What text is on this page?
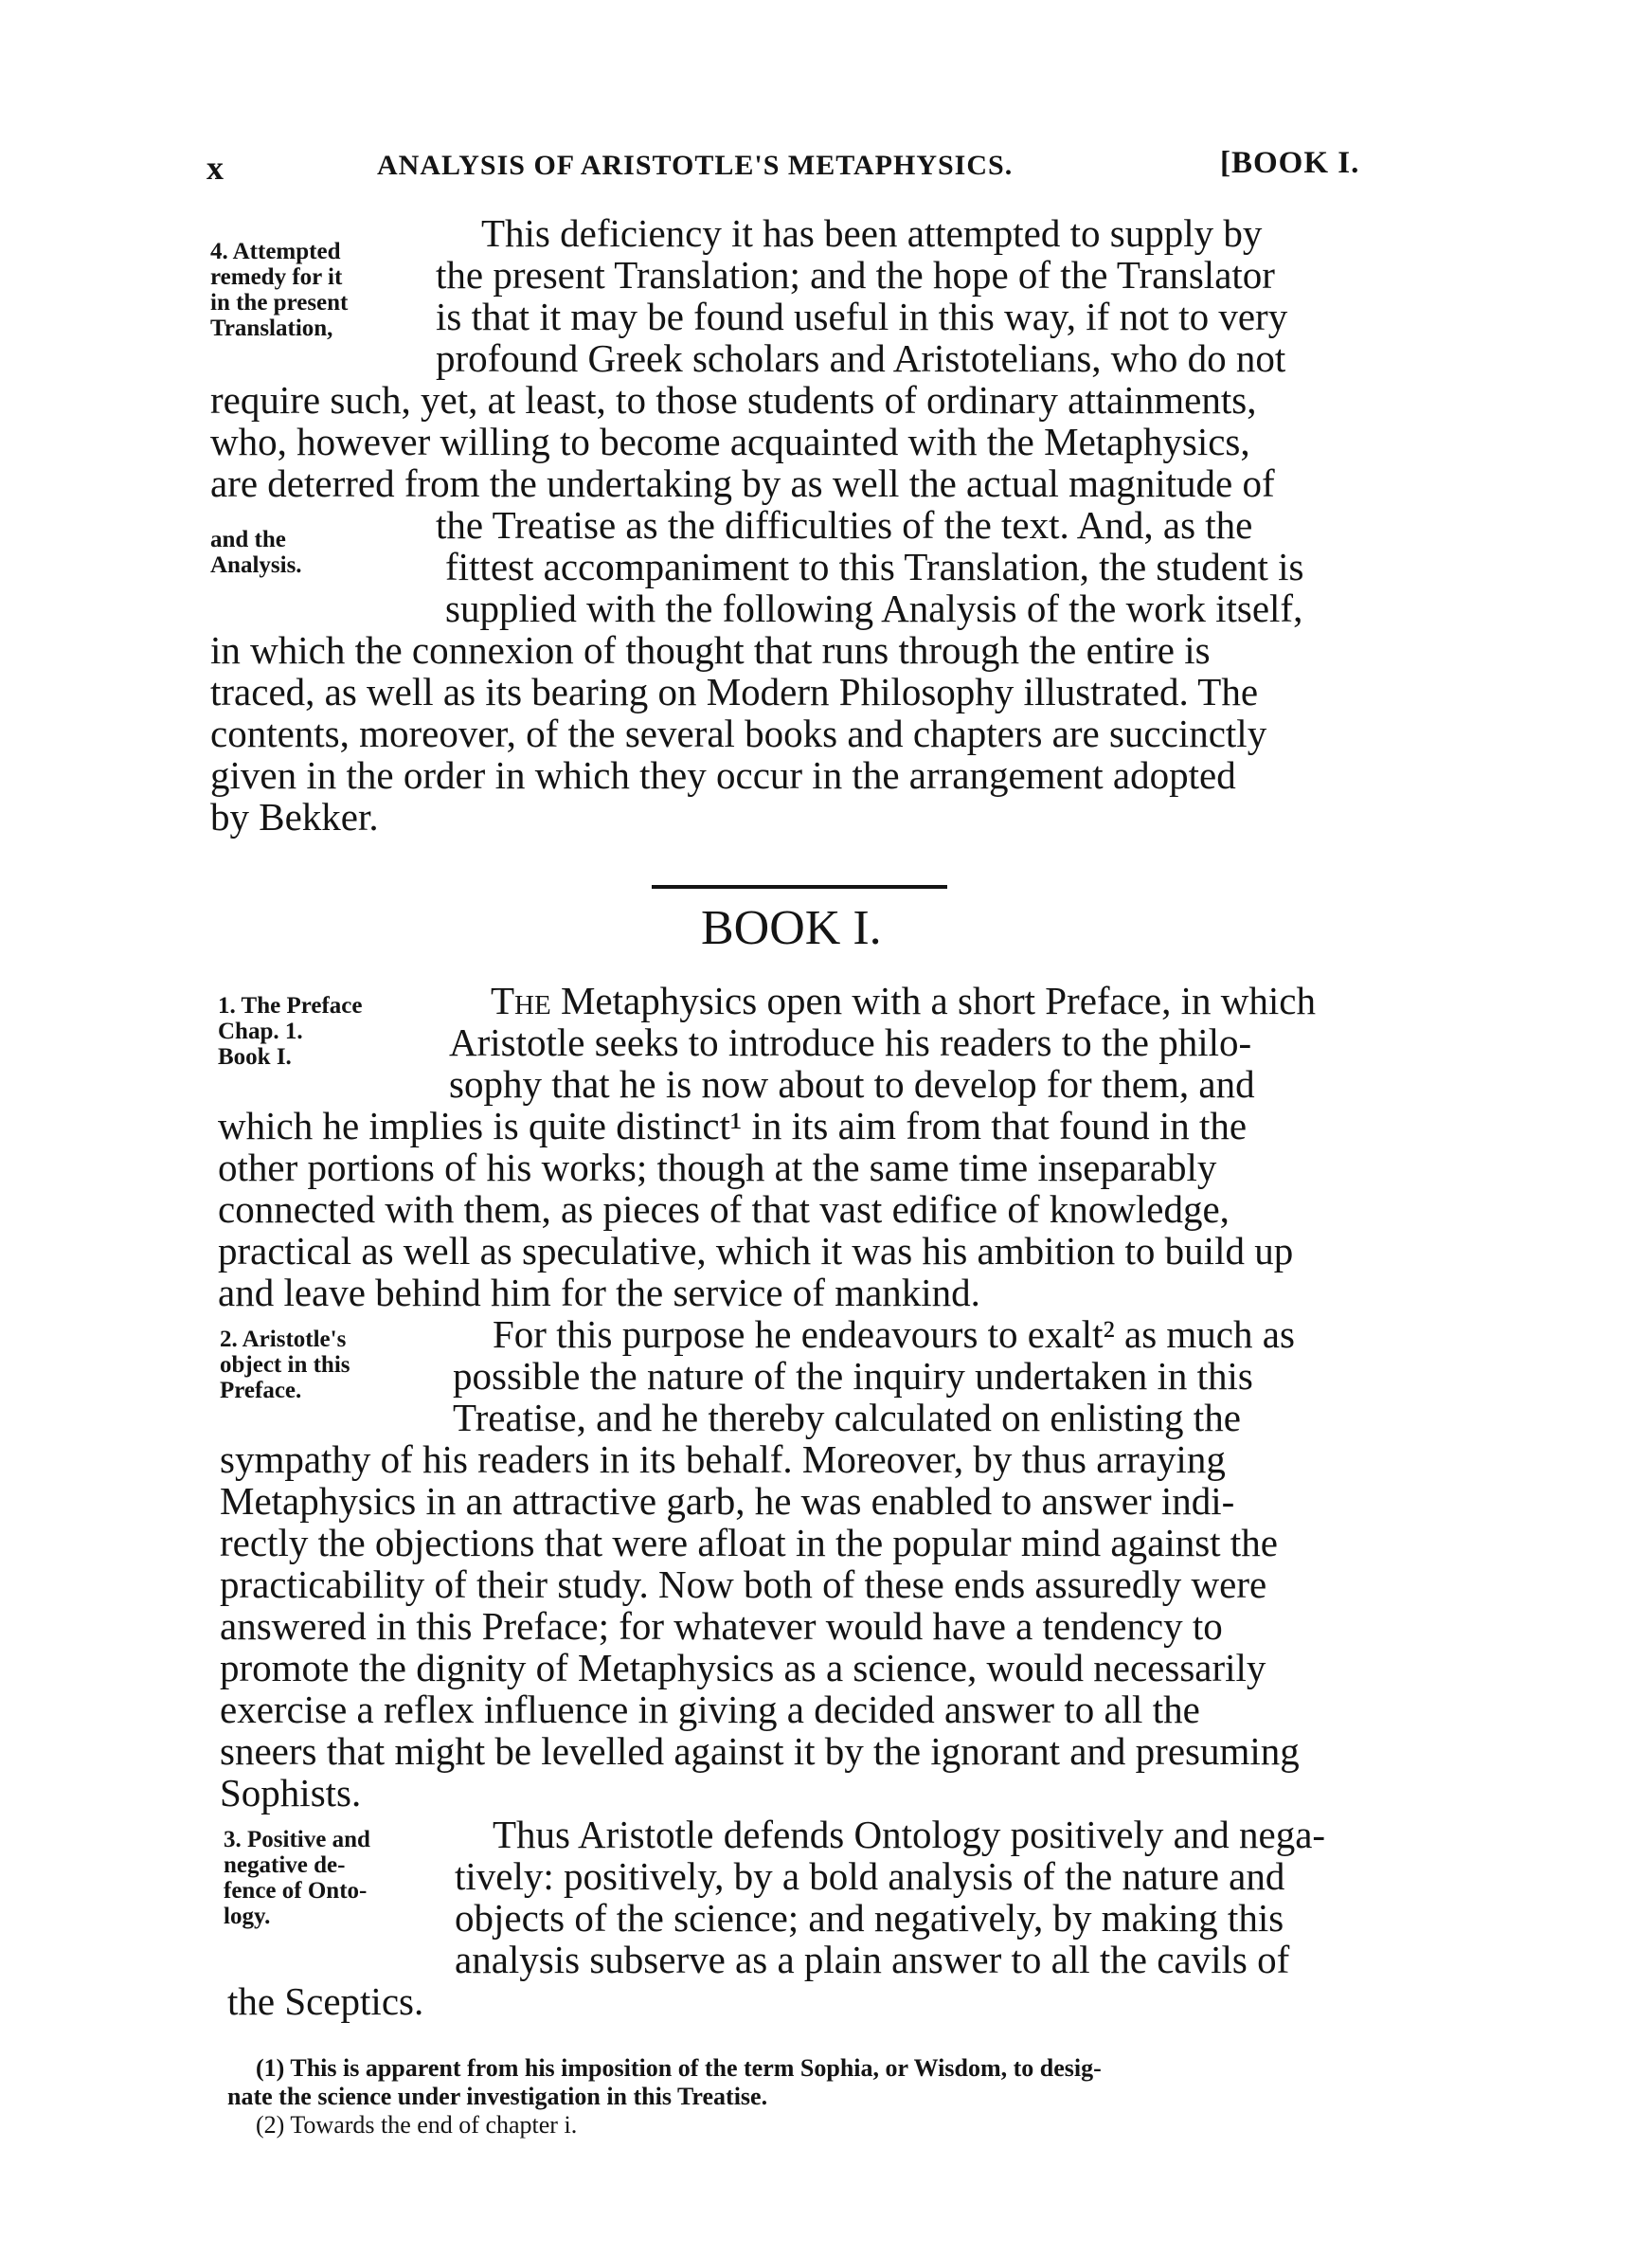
x	ANALYSIS OF ARISTOTLE'S METAPHYSICS.	[BOOK I.
4. Attempted
remedy for it
in the present
Translation,
and the
Analysis.
This deficiency it has been attempted to supply by
the present Translation; and the hope of the Translator
is that it may be found useful in this way, if not to very
profound Greek scholars and Aristotelians, who do not
require such, yet, at least, to those students of ordinary attainments,
who, however willing to become acquainted with the Metaphysics,
are deterred from the undertaking by as well the actual magnitude of
the Treatise as the difficulties of the text. And, as the
fittest accompaniment to this Translation, the student is
supplied with the following Analysis of the work itself,
in which the connexion of thought that runs through the entire is
traced, as well as its bearing on Modern Philosophy illustrated. The
contents, moreover, of the several books and chapters are succinctly
given in the order in which they occur in the arrangement adopted
by Bekker.
BOOK I.
1. The Preface
Chap. 1.
Book I.
The Metaphysics open with a short Preface, in which
Aristotle seeks to introduce his readers to the philo-
sophy that he is now about to develop for them, and
which he implies is quite distinct¹ in its aim from that found in the
other portions of his works; though at the same time inseparably
connected with them, as pieces of that vast edifice of knowledge,
practical as well as speculative, which it was his ambition to build up
and leave behind him for the service of mankind.
2. Aristotle's
object in this
Preface.
For this purpose he endeavours to exalt² as much as
possible the nature of the inquiry undertaken in this
Treatise, and he thereby calculated on enlisting the
sympathy of his readers in its behalf. Moreover, by thus arraying
Metaphysics in an attractive garb, he was enabled to answer indi-
rectly the objections that were afloat in the popular mind against the
practicability of their study. Now both of these ends assuredly were
answered in this Preface; for whatever would have a tendency to
promote the dignity of Metaphysics as a science, would necessarily
exercise a reflex influence in giving a decided answer to all the
sneers that might be levelled against it by the ignorant and presuming
Sophists.
3. Positive and
negative de-
fence of Onto-
logy.
Thus Aristotle defends Ontology positively and nega-
tively: positively, by a bold analysis of the nature and
objects of the science; and negatively, by making this
analysis subserve as a plain answer to all the cavils of
the Sceptics.
(1) This is apparent from his imposition of the term Sophia, or Wisdom, to desig-
nate the science under investigation in this Treatise.
(2) Towards the end of chapter i.
